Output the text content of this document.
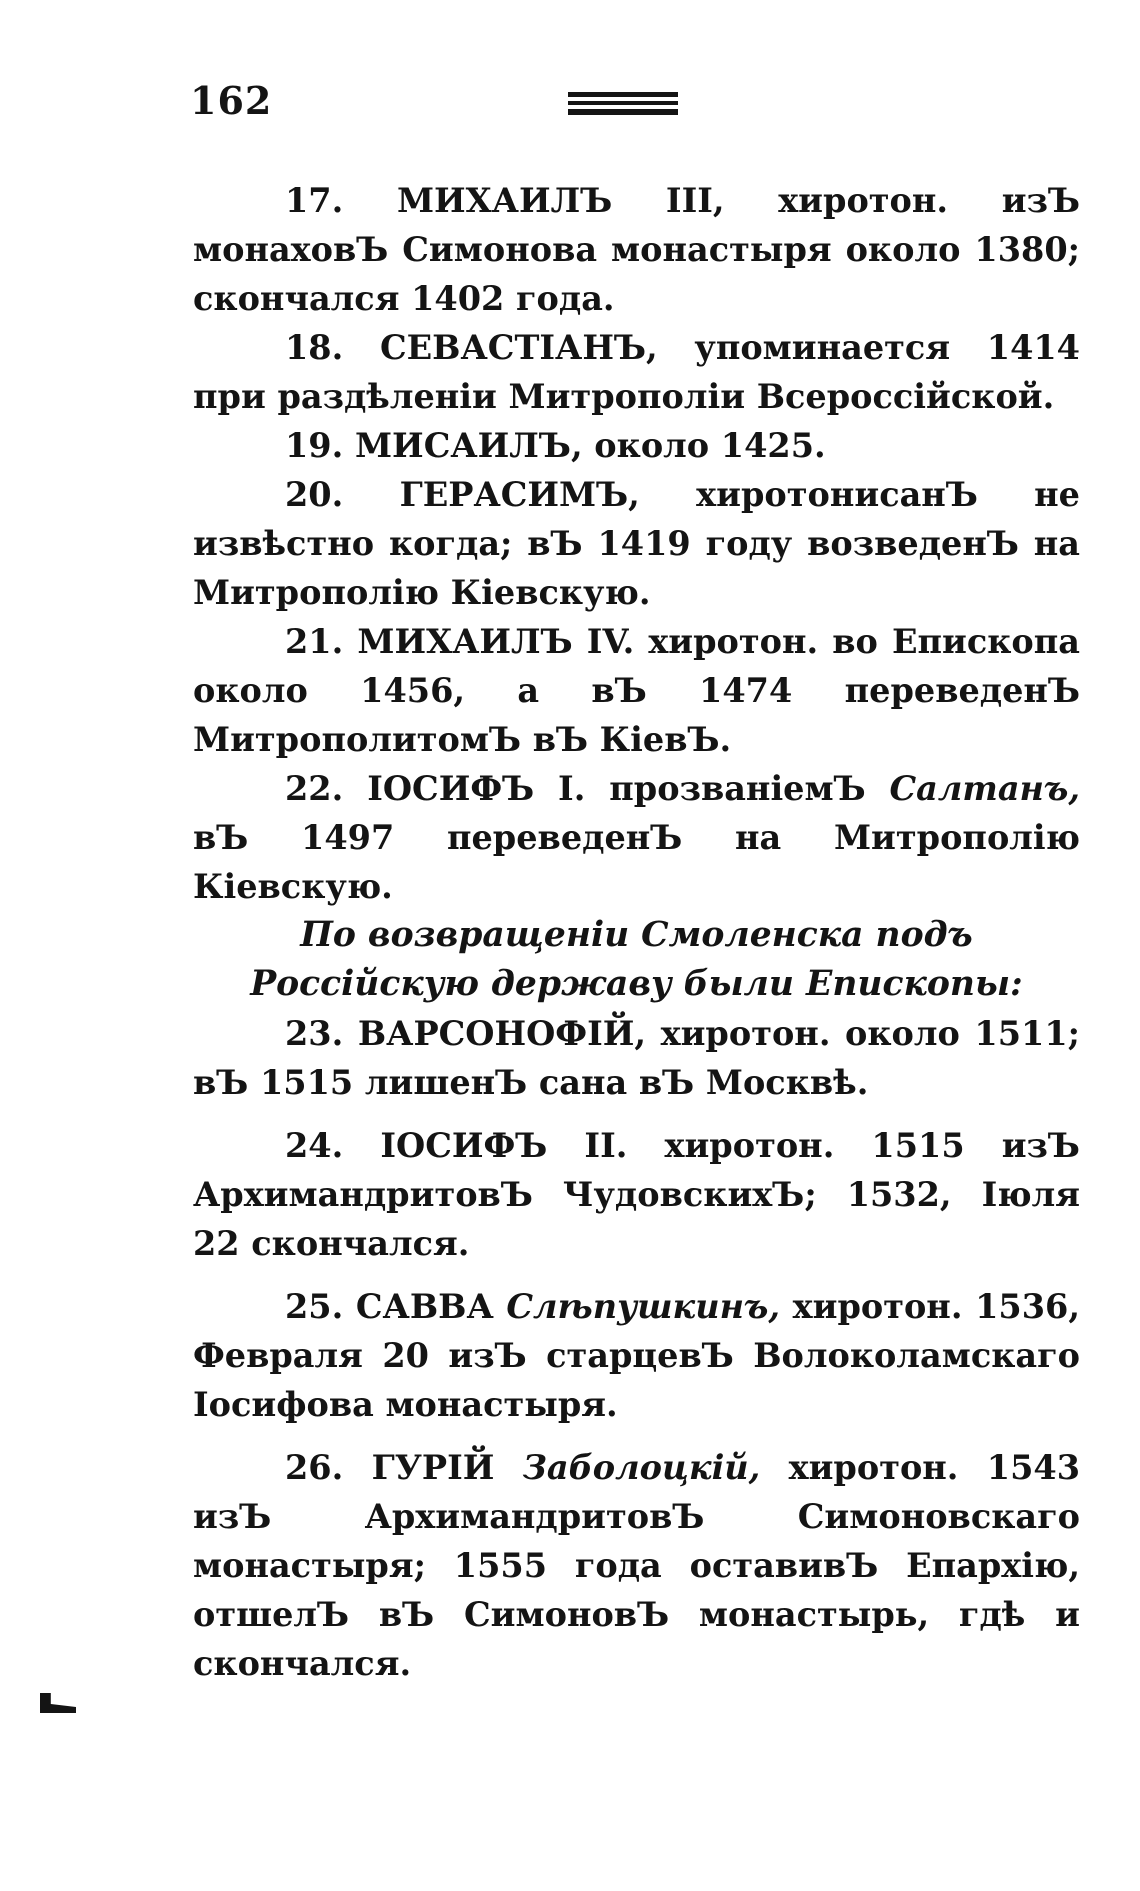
162

17. МИХАИЛЪ III, хиротон. изЪ монаховЪ Симонова монастыря около 1380; скончался 1402 года.

18. СЕВАСТІАНЪ, упоминается 1414 при раздѣленіи Митрополіи Всероссійской.

19. МИСАИЛЪ, около 1425.

20. ГЕРАСИМЪ, хиротонисанЪ не извѣстно когда; вЪ 1419 году возведенЪ на Митрополію Кіевскую.

21. МИХАИЛЪ IV. хиротон. во Епископа около 1456, а вЪ 1474 переведенЪ МитрополитомЪ вЪ КіевЪ.

22. ІОСИФЪ I. прозваніемЪ Салтанъ, вЪ 1497 переведенЪ на Митрополію Кіевскую.

По возвращеніи Смоленска подъ Россійскую державу были Епископы:

23. ВАРСОНОФІЙ, хиротон. около 1511; вЪ 1515 лишенЪ сана вЪ Москвѣ.

24. ІОСИФЪ II. хиротон. 1515 изЪ АрхимандритовЪ ЧудовскихЪ; 1532, Іюля 22 скончался.

25. САВВА Слѣпушкинъ, хиротон. 1536, Февраля 20 изЪ старцевЪ Волоколамскаго Іосифова монастыря.

26. ГУРІЙ Заболоцкій, хиротон. 1543 изЪ АрхимандритовЪ Симоновскаго монастыря; 1555 года оставивЪ Епархію, отшелЪ вЪ СимоновЪ монастырь, гдѣ и скончался.
